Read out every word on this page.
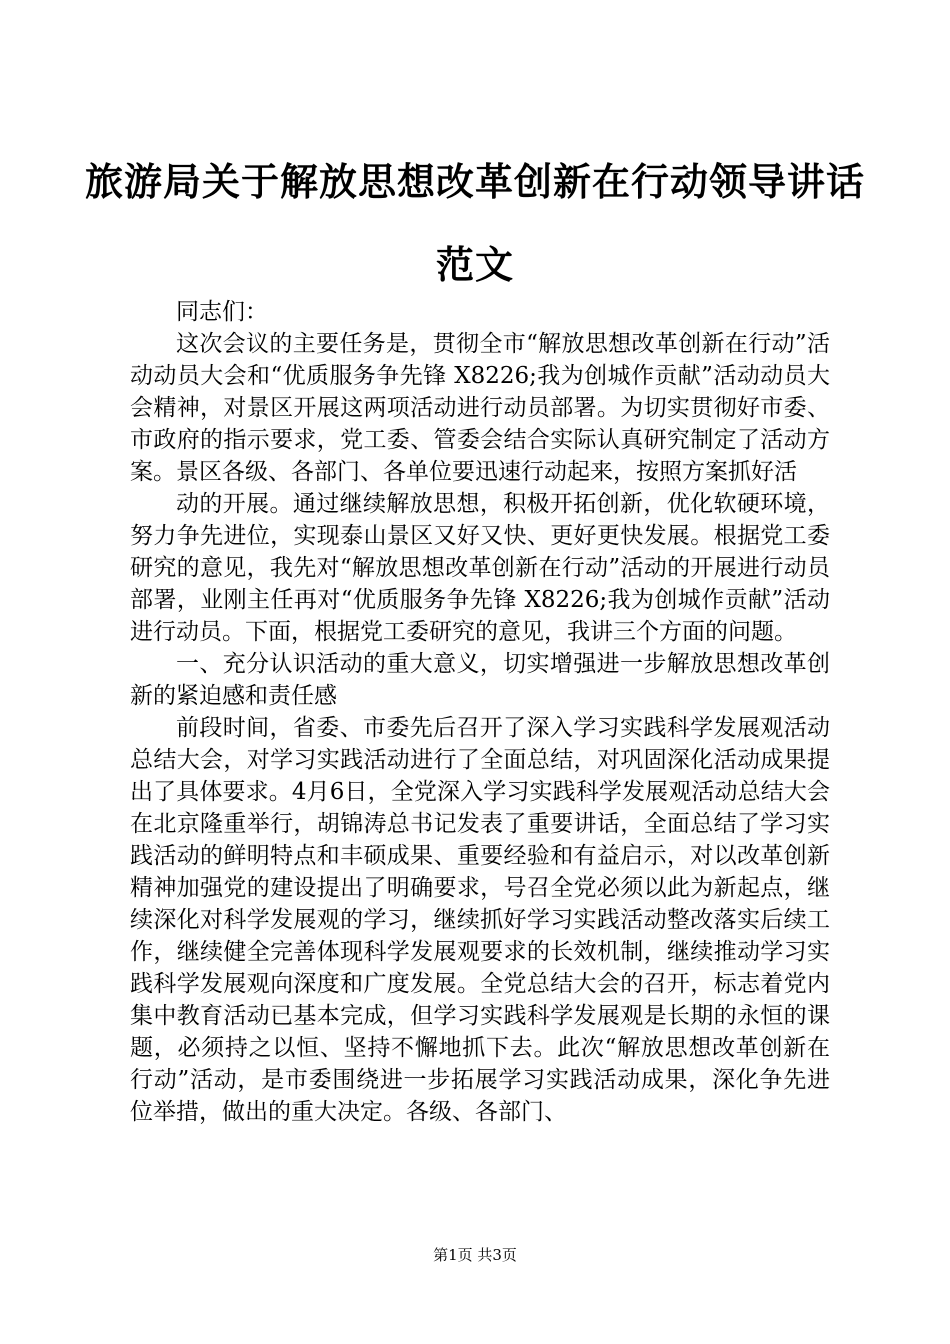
旅游局关于解放思想改革创新在行动领导讲话
范文

同志们：

这次会议的主要任务是，贯彻全市“解放思想改革创新在行动”活动动员大会和“优质服务争先锋 X8226;我为创城作贡献”活动动员大会精神，对景区开展这两项活动进行动员部署。为切实贯彻好市委、市政府的指示要求，党工委、管委会结合实际认真研究制定了活动方案。景区各级、各部门、各单位要迅速行动起来，按照方案抓好活

动的开展。通过继续解放思想，积极开拓创新，优化软硬环境，努力争先进位，实现泰山景区又好又快、更好更快发展。根据党工委研究的意见，我先对“解放思想改革创新在行动”活动的开展进行动员部署，业刚主任再对“优质服务争先锋 X8226;我为创城作贡献”活动进行动员。下面，根据党工委研究的意见，我讲三个方面的问题。

一、充分认识活动的重大意义，切实增强进一步解放思想改革创新的紧迫感和责任感

前段时间，省委、市委先后召开了深入学习实践科学发展观活动总结大会，对学习实践活动进行了全面总结，对巩固深化活动成果提出了具体要求。4月6日，全党深入学习实践科学发展观活动总结大会在北京隆重举行，胡锦涛总书记发表了重要讲话，全面总结了学习实践活动的鲜明特点和丰硕成果、重要经验和有益启示，对以改革创新精神加强党的建设提出了明确要求，号召全党必须以此为新起点，继续深化对科学发展观的学习，继续抓好学习实践活动整改落实后续工作，继续健全完善体现科学发展观要求的长效机制，继续推动学习实践科学发展观向深度和广度发展。全党总结大会的召开，标志着党内集中教育活动已基本完成，但学习实践科学发展观是长期的永恒的课题，必须持之以恒、坚持不懈地抓下去。此次“解放思想改革创新在行动”活动，是市委围绕进一步拓展学习实践活动成果，深化争先进位举措，做出的重大决定。各级、各部门、

第1页 共3页
